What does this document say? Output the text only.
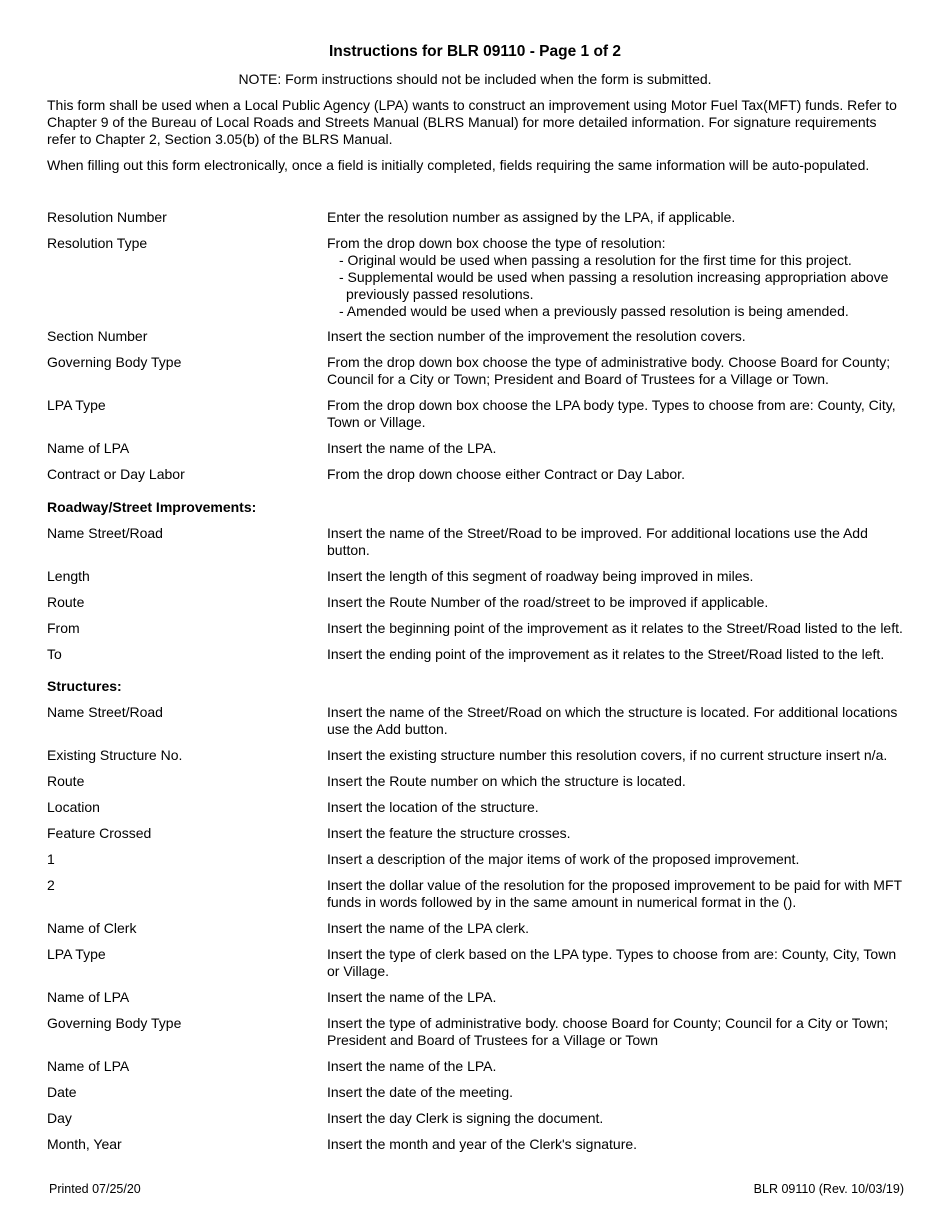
Instructions for BLR 09110 - Page 1 of 2
NOTE: Form instructions should not be included when the form is submitted.

This form shall be used when a Local Public Agency (LPA) wants to construct an improvement using Motor Fuel Tax(MFT) funds. Refer to Chapter 9 of the Bureau of Local Roads and Streets Manual (BLRS Manual) for more detailed information. For signature requirements refer to Chapter 2, Section 3.05(b) of the BLRS Manual.

When filling out this form electronically, once a field is initially completed, fields requiring the same information will be auto-populated.

Resolution Number	Enter the resolution number as assigned by the LPA, if applicable.
Resolution Type	From the drop down box choose the type of resolution:
- Original would be used when passing a resolution for the first time for this project.
- Supplemental would be used when passing a resolution increasing appropriation above previously passed resolutions.
- Amended would be used when a previously passed resolution is being amended.
Section Number	Insert the section number of the improvement the resolution covers.
Governing Body Type	From the drop down box choose the type of administrative body. Choose Board for County; Council for a City or Town; President and Board of Trustees for a Village or Town.
LPA Type	From the drop down box choose the LPA body type. Types to choose from are: County, City, Town or Village.
Name of LPA	Insert the name of the LPA.
Contract or Day Labor	From the drop down choose either Contract or Day Labor.
Roadway/Street Improvements:
Name Street/Road	Insert the name of the Street/Road to be improved. For additional locations use the Add button.
Length	Insert the length of this segment of roadway being improved in miles.
Route	Insert the Route Number of the road/street to be improved if applicable.
From	Insert the beginning point of the improvement as it relates to the Street/Road listed to the left.
To	Insert the ending point of the improvement as it relates to the Street/Road listed to the left.
Structures:
Name Street/Road	Insert the name of the Street/Road on which the structure is located. For additional locations use the Add button.
Existing Structure No.	Insert the existing structure number this resolution covers, if no current structure insert n/a.
Route	Insert the Route number on which the structure is located.
Location	Insert the location of the structure.
Feature Crossed	Insert the feature the structure crosses.
1	Insert a description of the major items of work of the proposed improvement.
2	Insert the dollar value of the resolution for the proposed improvement to be paid for with MFT funds in words followed by in the same amount in numerical format in the ().
Name of Clerk	Insert the name of the LPA clerk.
LPA Type	Insert the type of clerk based on the LPA type. Types to choose from are: County, City, Town or Village.
Name of LPA	Insert the name of the LPA.
Governing Body Type	Insert the type of administrative body. choose Board for County; Council for a City or Town; President and Board of Trustees for a Village or Town
Name of LPA	Insert the name of the LPA.
Date	Insert the date of the meeting.
Day	Insert the day Clerk is signing the document.
Month, Year	Insert the month and year of the Clerk's signature.
Printed 07/25/20	BLR 09110 (Rev. 10/03/19)
